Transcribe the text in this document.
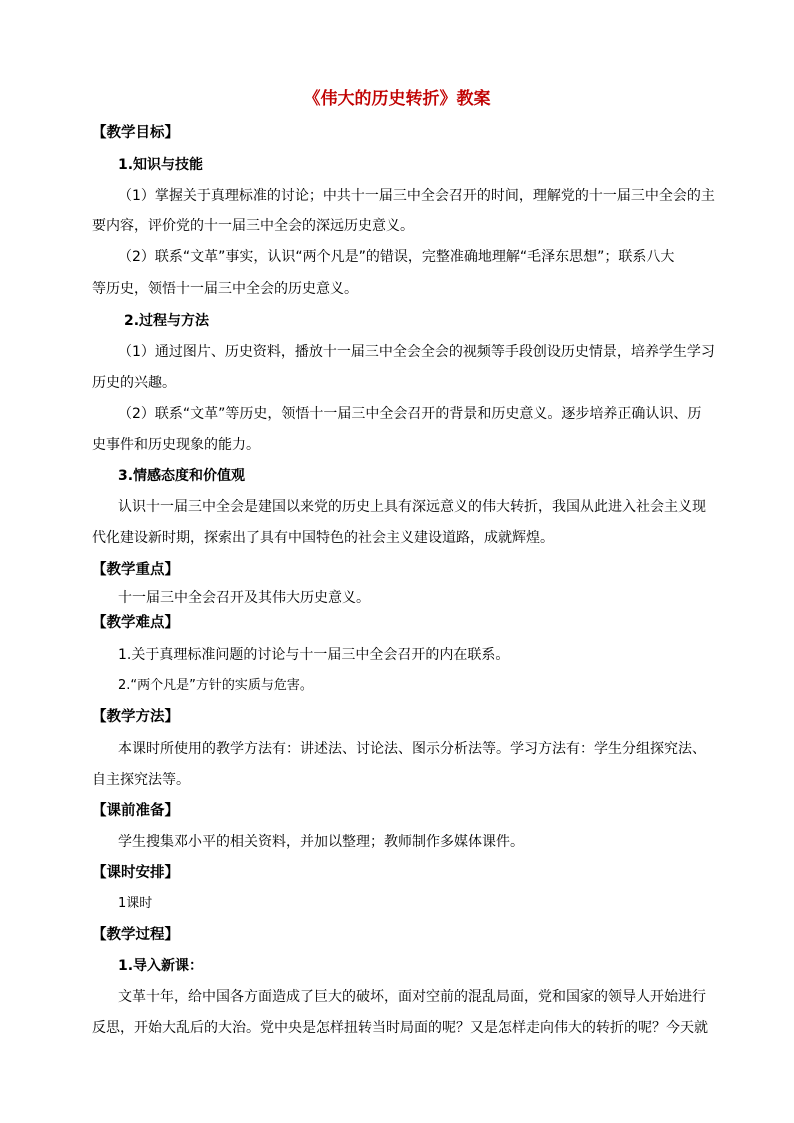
《伟大的历史转折》教案
【教学目标】
1.知识与技能
（1）掌握关于真理标准的讨论；中共十一届三中全会召开的时间，理解党的十一届三中全会的主
要内容，评价党的十一届三中全会的深远历史意义。
（2）联系“文革”事实，认识“两个凡是”的错误，完整准确地理解“毛泽东思想”；联系八大
等历史，领悟十一届三中全会的历史意义。
2.过程与方法
（1）通过图片、历史资料，播放十一届三中全会全会的视频等手段创设历史情景，培养学生学习
历史的兴趣。
（2）联系“文革”等历史，领悟十一届三中全会召开的背景和历史意义。逐步培养正确认识、历
史事件和历史现象的能力。
3.情感态度和价值观
认识十一届三中全会是建国以来党的历史上具有深远意义的伟大转折，我国从此进入社会主义现
代化建设新时期，探索出了具有中国特色的社会主义建设道路，成就辉煌。
【教学重点】
十一届三中全会召开及其伟大历史意义。
【教学难点】
1.关于真理标准问题的讨论与十一届三中全会召开的内在联系。
2.“两个凡是”方针的实质与危害。
【教学方法】
本课时所使用的教学方法有：讲述法、讨论法、图示分析法等。学习方法有：学生分组探究法、
自主探究法等。
【课前准备】
学生搜集邓小平的相关资料，并加以整理；教师制作多媒体课件。
【课时安排】
1课时
【教学过程】
1.导入新课：
文革十年，给中国各方面造成了巨大的破坏，面对空前的混乱局面，党和国家的领导人开始进行
反思，开始大乱后的大治。党中央是怎样扭转当时局面的呢？又是怎样走向伟大的转折的呢？今天就
